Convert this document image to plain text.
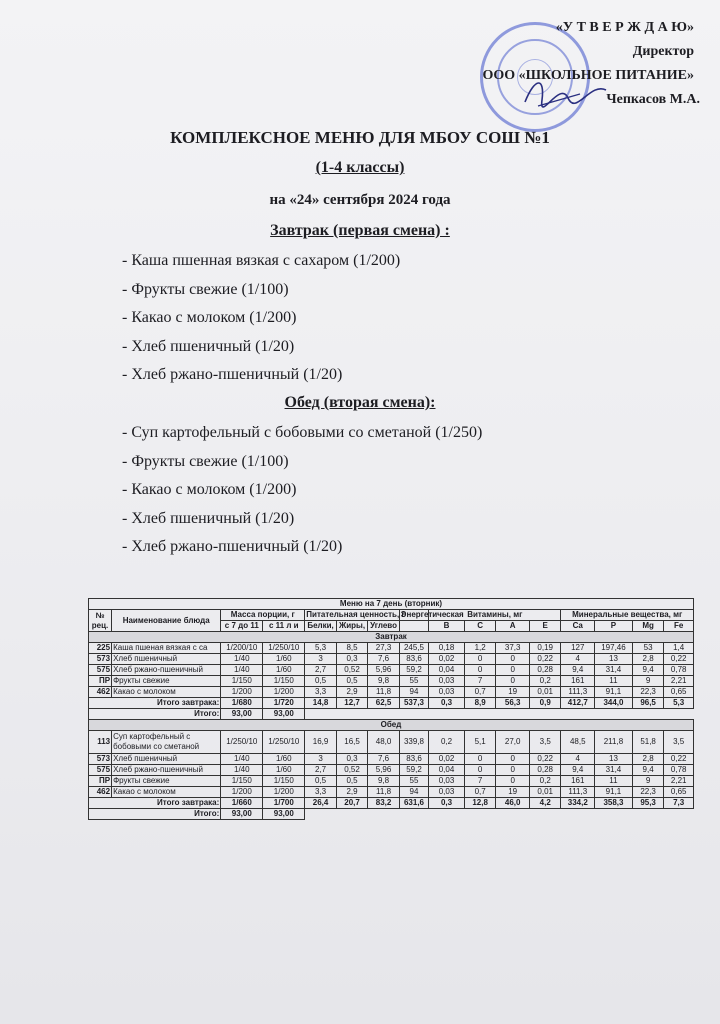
«У Т В Е Р Ж Д А Ю»
Директор
ООО «ШКОЛЬНОЕ ПИТАНИЕ»
Чепкасов М.А.
КОМПЛЕКСНОЕ МЕНЮ ДЛЯ МБОУ СОШ №1
(1-4 классы)
на «24» сентября 2024 года
Завтрак (первая смена) :
- Каша пшенная вязкая с сахаром (1/200)
- Фрукты свежие (1/100)
- Какао с молоком (1/200)
- Хлеб пшеничный (1/20)
- Хлеб ржано-пшеничный (1/20)
Обед (вторая смена):
- Суп картофельный с бобовыми со сметаной (1/250)
- Фрукты свежие (1/100)
- Какао с молоком (1/200)
- Хлеб пшеничный (1/20)
- Хлеб ржано-пшеничный (1/20)
Меню на 7 день (вторник)															
№ рец.	Наименование блюда	Масса порции, г		Питательная ценность, г			Энергетическая	Витамины, мг				Минеральные вещества, мг			
		с 7 до 11	с 11 л и	Белки,	Жиры,	Углево		B	C	A	E	Ca	P	Mg	Fe
Завтрак															
225	Каша пшеная вязкая с са	1/200/10	1/250/10	5,3	8,5	27,3	245,5	0,18	1,2	37,3	0,19	127	197,46	53	1,4
573	Хлеб пшеничный	1/40	1/60	3	0,3	7,6	83,6	0,02	0	0	0,22	4	13	2,8	0,22
575	Хлеб ржано-пшеничный	1/40	1/60	2,7	0,52	5,96	59,2	0,04	0	0	0,28	9,4	31,4	9,4	0,78
ПР	Фрукты свежие	1/150	1/150	0,5	0,5	9,8	55	0,03	7	0	0,2	161	11	9	2,21
462	Какао с молоком	1/200	1/200	3,3	2,9	11,8	94	0,03	0,7	19	0,01	111,3	91,1	22,3	0,65
Итого завтрака:		1/680	1/720	14,8	12,7	62,5	537,3	0,3	8,9	56,3	0,9	412,7	344,0	96,5	5,3
Итого:		93,00	93,00												
Обед															
113	Суп картофельный с бобовыми со сметаной	1/250/10	1/250/10	16,9	16,5	48,0	339,8	0,2	5,1	27,0	3,5	48,5	211,8	51,8	3,5
573	Хлеб пшеничный	1/40	1/60	3	0,3	7,6	83,6	0,02	0	0	0,22	4	13	2,8	0,22
575	Хлеб ржано-пшеничный	1/40	1/60	2,7	0,52	5,96	59,2	0,04	0	0	0,28	9,4	31,4	9,4	0,78
ПР	Фрукты свежие	1/150	1/150	0,5	0,5	9,8	55	0,03	7	0	0,2	161	11	9	2,21
462	Какао с молоком	1/200	1/200	3,3	2,9	11,8	94	0,03	0,7	19	0,01	111,3	91,1	22,3	0,65
Итого завтрака:		1/660	1/700	26,4	20,7	83,2	631,6	0,3	12,8	46,0	4,2	334,2	358,3	95,3	7,3
Итого:		93,00	93,00												
